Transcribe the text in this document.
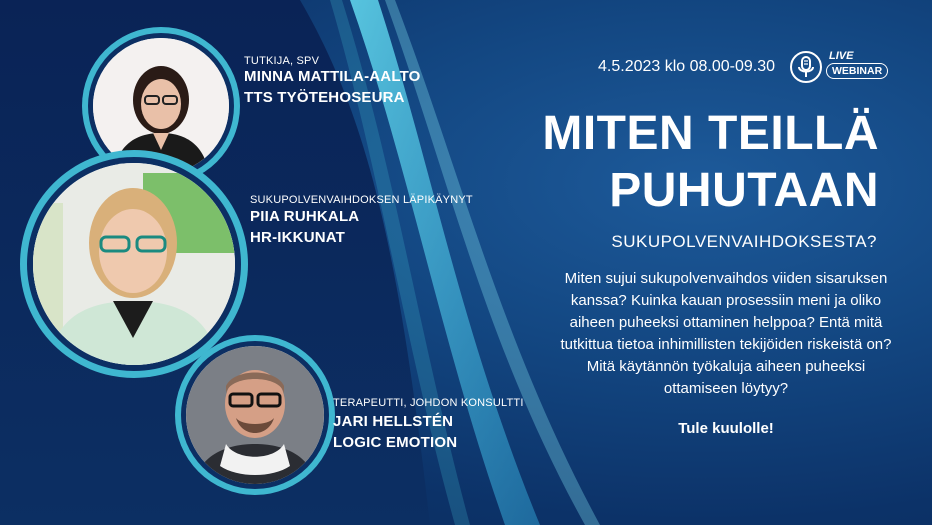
TUTKIJA, SPV
MINNA MATTILA-AALTO
TTS TYÖTEHOSEURA
SUKUPOLVENVAIHDOKSEN LÄPIKÄYNYT
PIIA RUHKALA
HR-IKKUNAT
TERAPEUTTI, JOHDON KONSULTTI
JARI HELLSTÉN
LOGIC EMOTION
4.5.2023 klo 08.00-09.30
LIVE
WEBINAR
MITEN TEILLÄ
PUHUTAAN
SUKUPOLVENVAIHDOKSESTA?
Miten sujui sukupolvenvaihdos viiden sisaruksen kanssa? Kuinka kauan prosessiin meni ja oliko aiheen puheeksi ottaminen helppoa? Entä mitä tutkittua tietoa inhimillisten tekijöiden riskeistä on? Mitä käytännön työkaluja aiheen puheeksi ottamiseen löytyy?
Tule kuulolle!
